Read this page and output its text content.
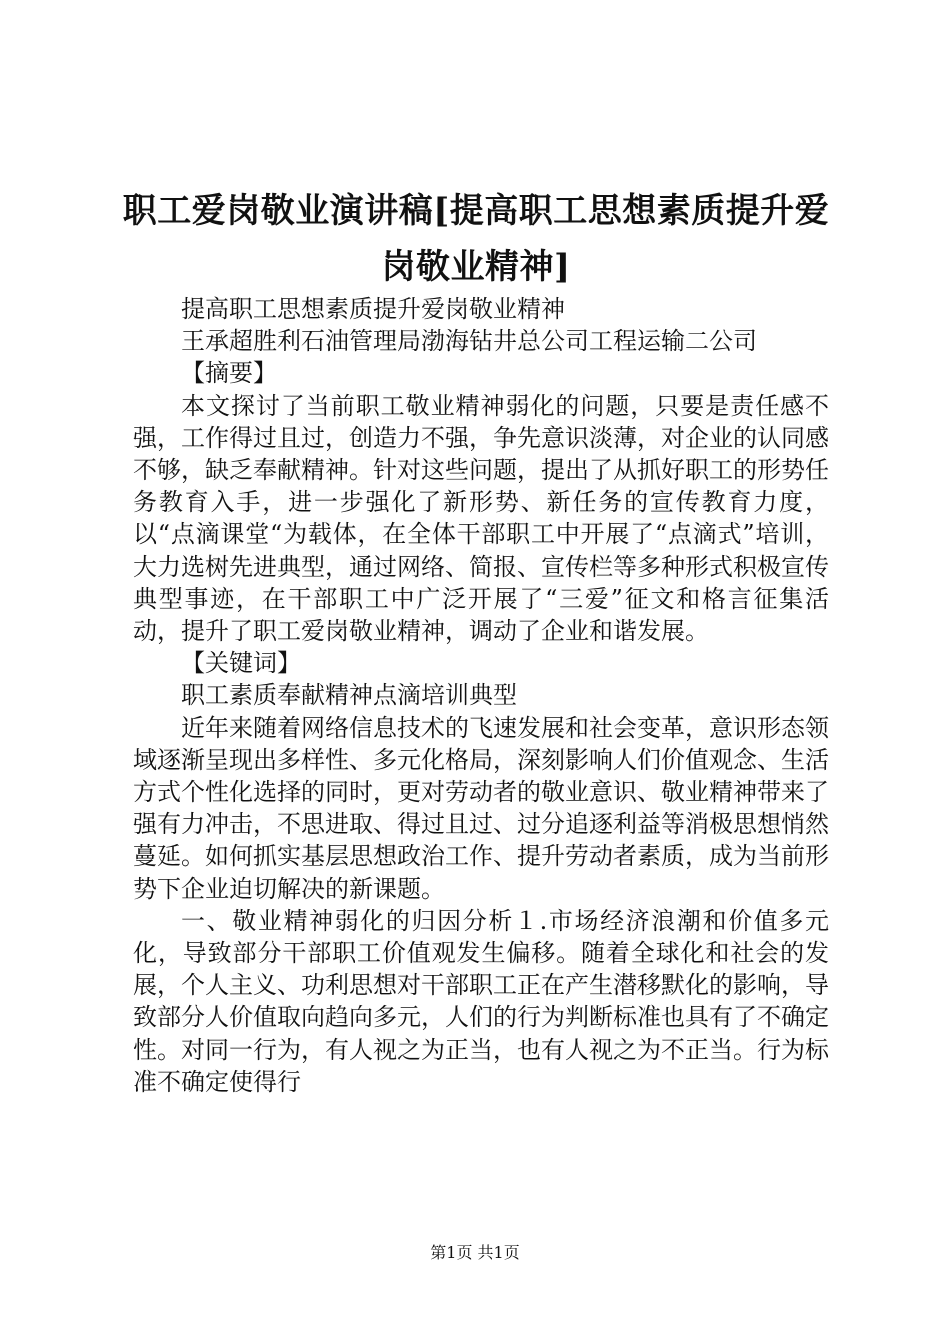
职工爱岗敬业演讲稿[提高职工思想素质提升爱岗敬业精神]

提高职工思想素质提升爱岗敬业精神

王承超胜利石油管理局渤海钻井总公司工程运输二公司

【摘要】

本文探讨了当前职工敬业精神弱化的问题，只要是责任感不强，工作得过且过，创造力不强，争先意识淡薄，对企业的认同感不够，缺乏奉献精神。针对这些问题，提出了从抓好职工的形势任务教育入手，进一步强化了新形势、新任务的宣传教育力度，以“点滴课堂“为载体，在全体干部职工中开展了“点滴式”培训，大力选树先进典型，通过网络、简报、宣传栏等多种形式积极宣传典型事迹，在干部职工中广泛开展了“三爱”征文和格言征集活动，提升了职工爱岗敬业精神，调动了企业和谐发展。

【关键词】

职工素质奉献精神点滴培训典型

近年来随着网络信息技术的飞速发展和社会变革，意识形态领域逐渐呈现出多样性、多元化格局，深刻影响人们价值观念、生活方式个性化选择的同时，更对劳动者的敬业意识、敬业精神带来了强有力冲击，不思进取、得过且过、过分追逐利益等消极思想悄然蔓延。如何抓实基层思想政治工作、提升劳动者素质，成为当前形势下企业迫切解决的新课题。

一、敬业精神弱化的归因分析１.市场经济浪潮和价值多元化，导致部分干部职工价值观发生偏移。随着全球化和社会的发展，个人主义、功利思想对干部职工正在产生潜移默化的影响，导致部分人价值取向趋向多元，人们的行为判断标准也具有了不确定性。对同一行为，有人视之为正当，也有人视之为不正当。行为标准不确定使得行

第1页 共1页
